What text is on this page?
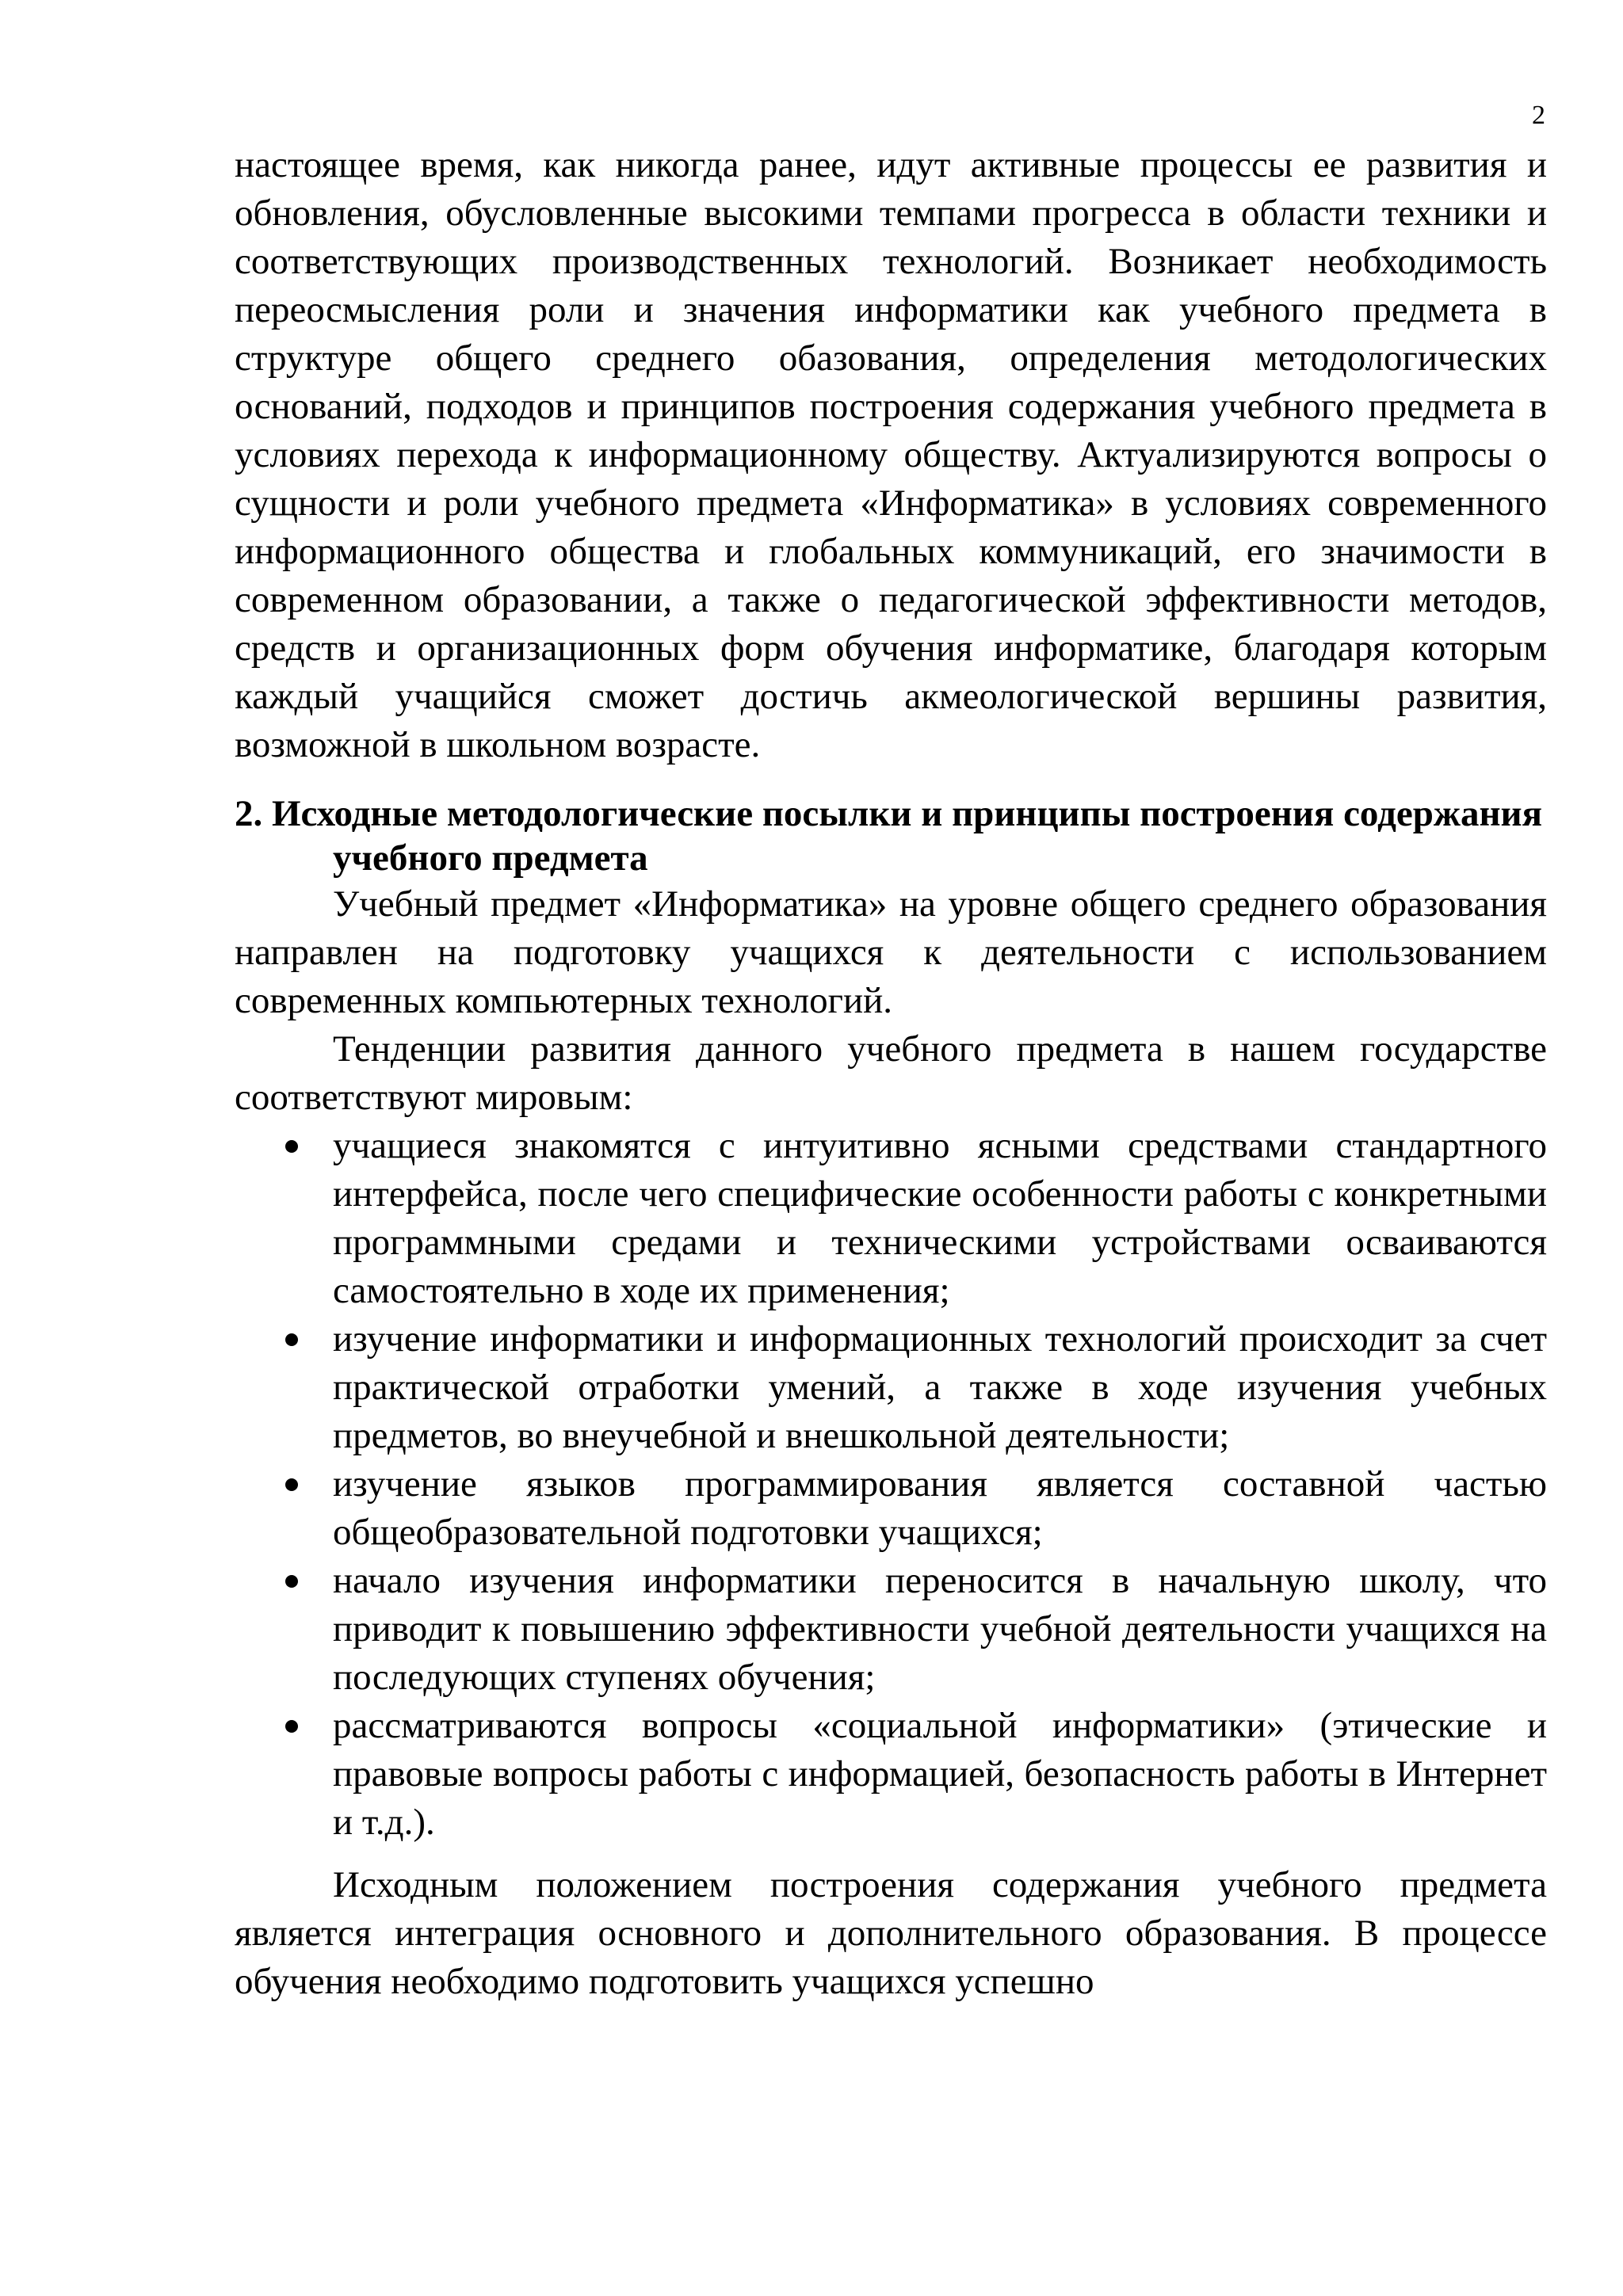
2

настоящее время, как никогда ранее, идут активные процессы ее развития и обновления, обусловленные высокими темпами прогресса в области техники и соответствующих производственных технологий. Возникает необходимость переосмысления роли и значения информатики как учебного предмета в структуре общего среднего обазования, определения методологических оснований, подходов и принципов построения содержания учебного предмета в условиях перехода к информационному обществу. Актуализируются вопросы о сущности и роли учебного предмета «Информатика» в условиях современного информационного общества и глобальных коммуникаций, его значимости в современном образовании, а также о педагогической эффективности методов, средств и организационных форм обучения информатике, благодаря которым каждый учащийся сможет достичь акмеологической вершины развития, возможной в школьном возрасте.

2. Исходные методологические посылки и принципы построения содержания учебного предмета

Учебный предмет «Информатика» на уровне общего среднего образования направлен на подготовку учащихся к деятельности с использованием современных компьютерных технологий.

Тенденции развития данного учебного предмета в нашем государстве соответствуют мировым:

учащиеся знакомятся с интуитивно ясными средствами стандартного интерфейса, после чего специфические особенности работы с конкретными программными средами и техническими устройствами осваиваются самостоятельно в ходе их применения;
изучение информатики и информационных технологий происходит за счет практической отработки умений, а также в ходе изучения учебных предметов, во внеучебной и внешкольной деятельности;
изучение языков программирования является составной частью общеобразовательной подготовки учащихся;
начало изучения информатики переносится в начальную школу, что приводит к повышению эффективности учебной деятельности учащихся на последующих ступенях обучения;
рассматриваются вопросы «социальной информатики» (этические и правовые вопросы работы с информацией, безопасность работы в Интернет и т.д.).

Исходным положением построения содержания учебного предмета является интеграция основного и дополнительного образования. В процессе обучения необходимо подготовить учащихся успешно
